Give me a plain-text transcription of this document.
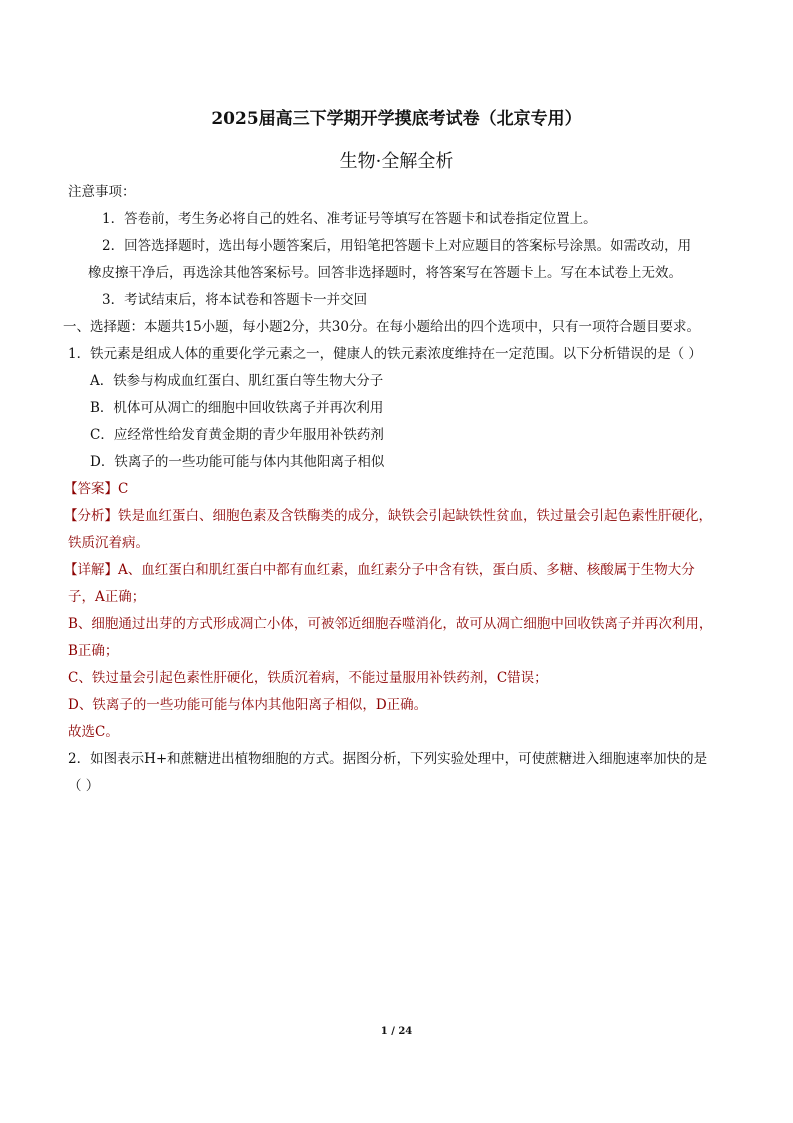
2025届高三下学期开学摸底考试卷（北京专用）
生物·全解全析
注意事项：
1．答卷前，考生务必将自己的姓名、准考证号等填写在答题卡和试卷指定位置上。
2．回答选择题时，选出每小题答案后，用铅笔把答题卡上对应题目的答案标号涂黑。如需改动，用
橡皮擦干净后，再选涂其他答案标号。回答非选择题时，将答案写在答题卡上。写在本试卷上无效。
3．考试结束后，将本试卷和答题卡一并交回
一、选择题：本题共15小题，每小题2分，共30分。在每小题给出的四个选项中，只有一项符合题目要求。
1．铁元素是组成人体的重要化学元素之一，健康人的铁元素浓度维持在一定范围。以下分析错误的是（ ）
A．铁参与构成血红蛋白、肌红蛋白等生物大分子
B．机体可从凋亡的细胞中回收铁离子并再次利用
C．应经常性给发育黄金期的青少年服用补铁药剂
D．铁离子的一些功能可能与体内其他阳离子相似
【答案】C
【分析】铁是血红蛋白、细胞色素及含铁酶类的成分，缺铁会引起缺铁性贫血，铁过量会引起色素性肝硬化，
铁质沉着病。
【详解】A、血红蛋白和肌红蛋白中都有血红素，血红素分子中含有铁，蛋白质、多糖、核酸属于生物大分
子，A正确；
B、细胞通过出芽的方式形成凋亡小体，可被邻近细胞吞噬消化，故可从凋亡细胞中回收铁离子并再次利用，
B正确；
C、铁过量会引起色素性肝硬化，铁质沉着病，不能过量服用补铁药剂，C错误；
D、铁离子的一些功能可能与体内其他阳离子相似，D正确。
故选C。
2．如图表示H+和蔗糖进出植物细胞的方式。据图分析，下列实验处理中，可使蔗糖进入细胞速率加快的是
（ ）
1 / 24
